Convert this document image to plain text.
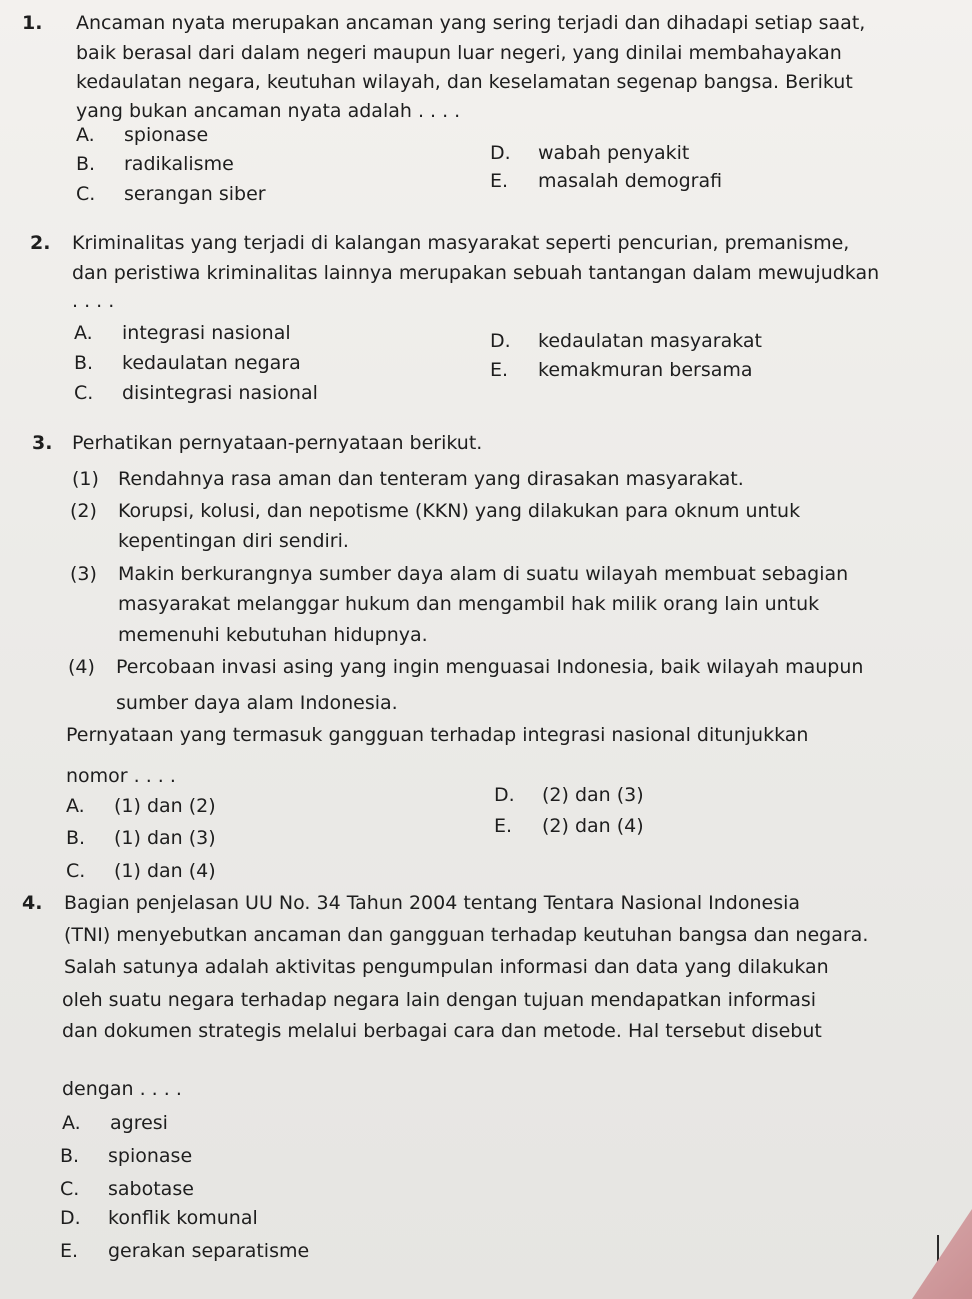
1. Ancaman nyata merupakan ancaman yang sering terjadi dan dihadapi setiap saat,
baik berasal dari dalam negeri maupun luar negeri, yang dinilai membahayakan
kedaulatan negara, keutuhan wilayah, dan keselamatan segenap bangsa. Berikut
yang bukan ancaman nyata adalah . . . .
A. spionase
B. radikalisme
C. serangan siber
D. wabah penyakit
E. masalah demografi
2. Kriminalitas yang terjadi di kalangan masyarakat seperti pencurian, premanisme,
dan peristiwa kriminalitas lainnya merupakan sebuah tantangan dalam mewujudkan
. . . .
A. integrasi nasional
B. kedaulatan negara
C. disintegrasi nasional
D. kedaulatan masyarakat
E. kemakmuran bersama
3. Perhatikan pernyataan-pernyataan berikut.
(1) Rendahnya rasa aman dan tenteram yang dirasakan masyarakat.
(2) Korupsi, kolusi, dan nepotisme (KKN) yang dilakukan para oknum untuk
kepentingan diri sendiri.
(3) Makin berkurangnya sumber daya alam di suatu wilayah membuat sebagian
masyarakat melanggar hukum dan mengambil hak milik orang lain untuk
memenuhi kebutuhan hidupnya.
(4) Percobaan invasi asing yang ingin menguasai Indonesia, baik wilayah maupun
sumber daya alam Indonesia.
Pernyataan yang termasuk gangguan terhadap integrasi nasional ditunjukkan
nomor . . . .
A. (1) dan (2)
B. (1) dan (3)
C. (1) dan (4)
D. (2) dan (3)
E. (2) dan (4)
4. Bagian penjelasan UU No. 34 Tahun 2004 tentang Tentara Nasional Indonesia
(TNI) menyebutkan ancaman dan gangguan terhadap keutuhan bangsa dan negara.
Salah satunya adalah aktivitas pengumpulan informasi dan data yang dilakukan
oleh suatu negara terhadap negara lain dengan tujuan mendapatkan informasi
dan dokumen strategis melalui berbagai cara dan metode. Hal tersebut disebut
dengan . . . .
A. agresi
B. spionase
C. sabotase
D. konflik komunal
E. gerakan separatisme
